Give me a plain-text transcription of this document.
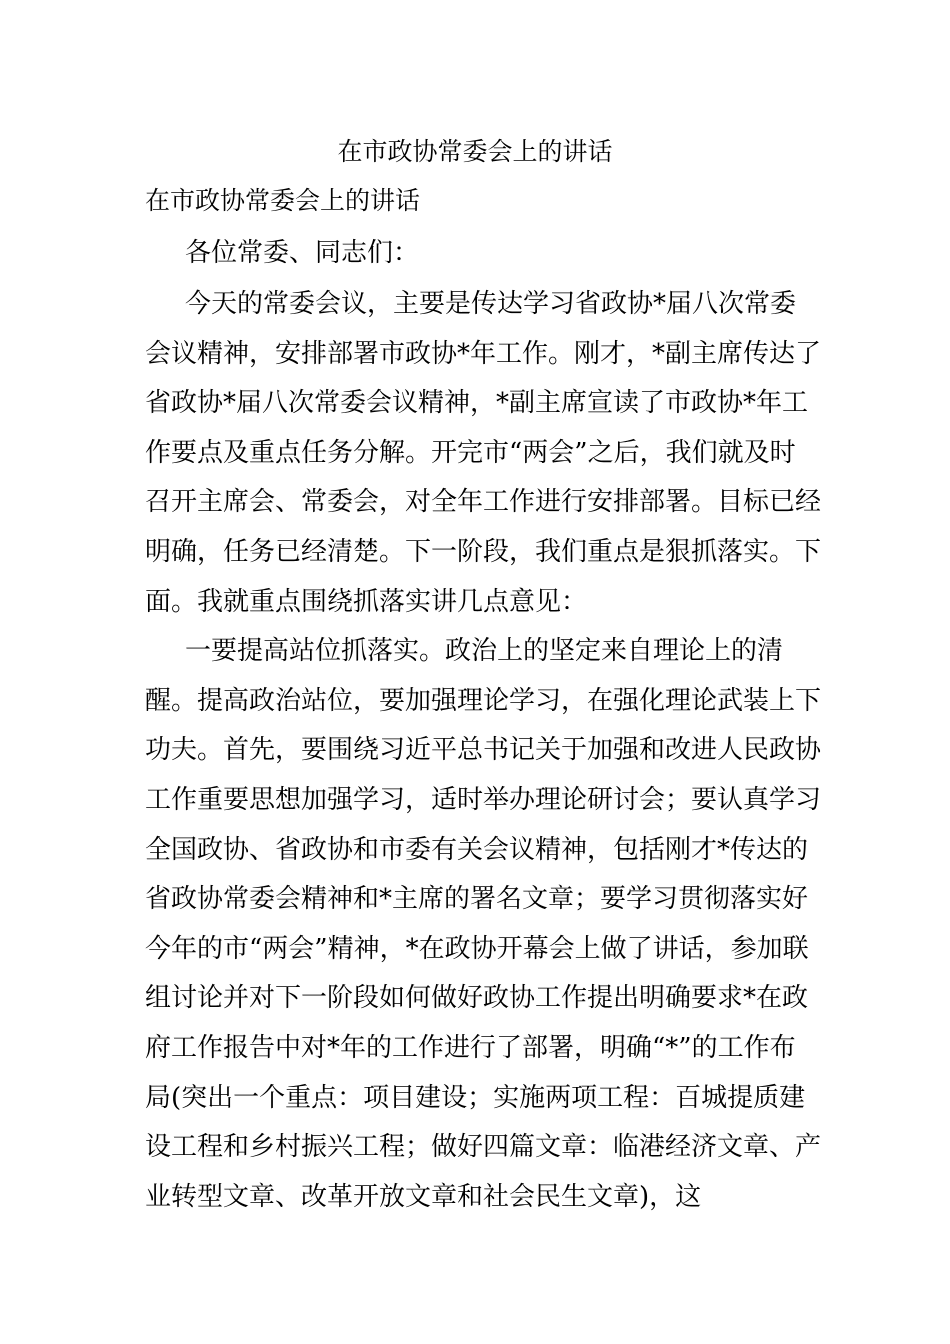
在市政协常委会上的讲话

在市政协常委会上的讲话

各位常委、同志们：

今天的常委会议，主要是传达学习省政协*届八次常委会议精神，安排部署市政协*年工作。刚才，*副主席传达了省政协*届八次常委会议精神，*副主席宣读了市政协*年工作要点及重点任务分解。开完市“两会”之后，我们就及时召开主席会、常委会，对全年工作进行安排部署。目标已经明确，任务已经清楚。下一阶段，我们重点是狠抓落实。下面。我就重点围绕抓落实讲几点意见：

一要提高站位抓落实。政治上的坚定来自理论上的清醒。提高政治站位，要加强理论学习，在强化理论武装上下功夫。首先，要围绕习近平总书记关于加强和改进人民政协工作重要思想加强学习，适时举办理论研讨会；要认真学习全国政协、省政协和市委有关会议精神，包括刚才*传达的省政协常委会精神和*主席的署名文章；要学习贯彻落实好今年的市“两会”精神，*在政协开幕会上做了讲话，参加联组讨论并对下一阶段如何做好政协工作提出明确要求*在政府工作报告中对*年的工作进行了部署，明确“*”的工作布局(突出一个重点：项目建设；实施两项工程：百城提质建设工程和乡村振兴工程；做好四篇文章：临港经济文章、产业转型文章、改革开放文章和社会民生文章)，这
